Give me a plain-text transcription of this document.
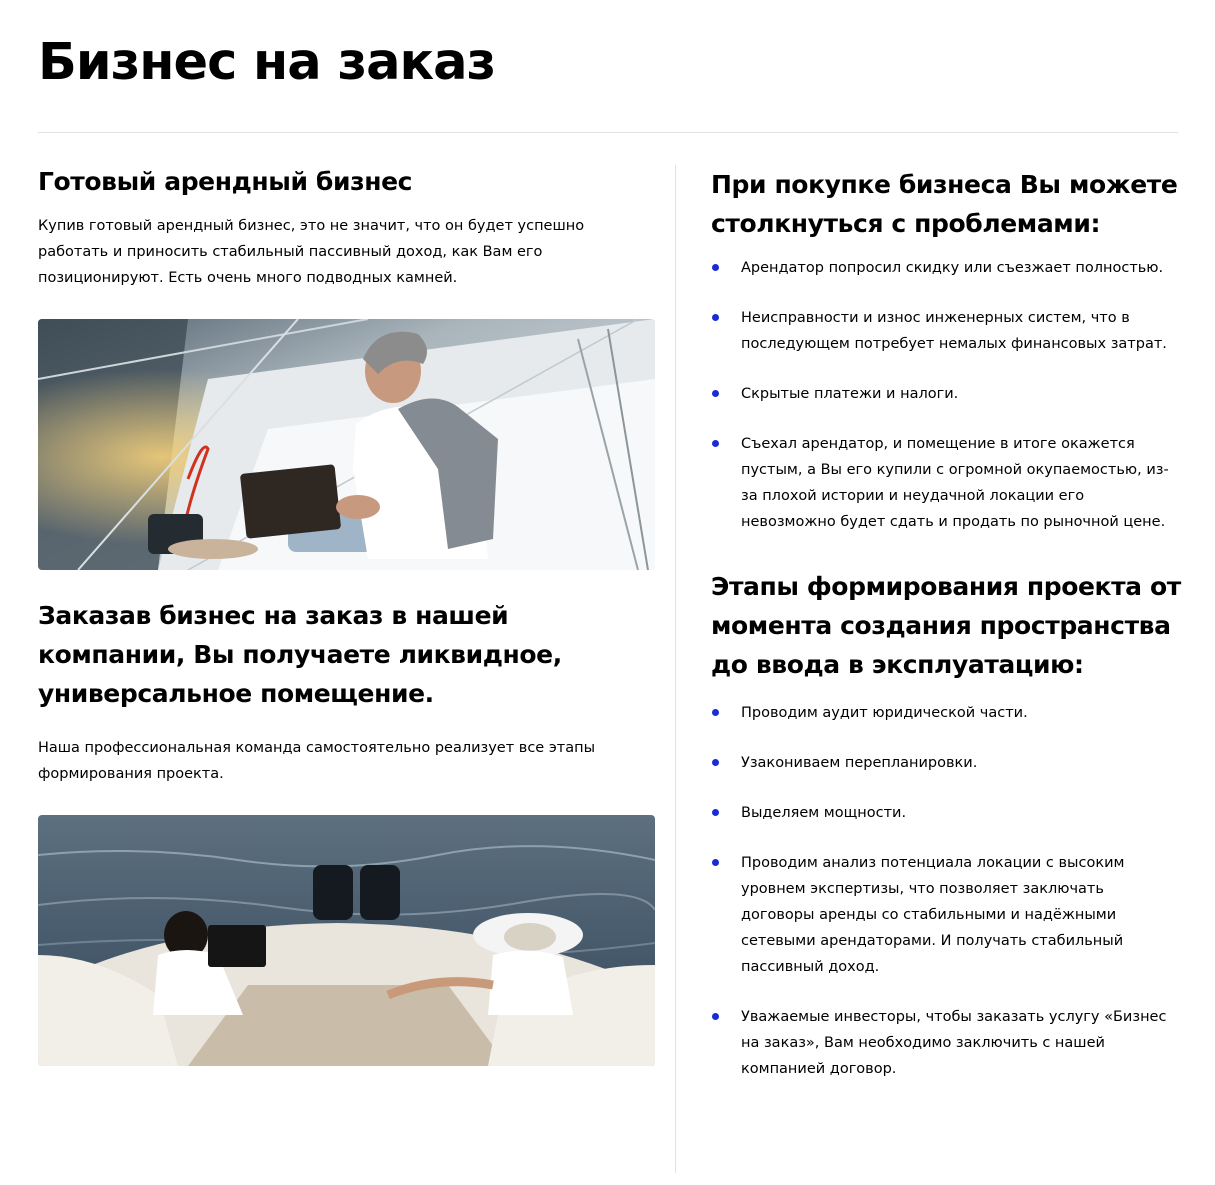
Бизнес на заказ
Готовый арендный бизнес

Купив готовый арендный бизнес, это не значит, что он будет успешно работать и приносить стабильный пассивный доход, как Вам его позиционируют. Есть очень много подводных камней.

Заказав бизнес на заказ в нашей компании, Вы получаете ликвидное, универсальное помещение.

Наша профессиональная команда самостоятельно реализует все этапы формирования проекта.

При покупке бизнеса Вы можете столкнуться с проблемами:
Арендатор попросил скидку или съезжает полностью.
Неисправности и износ инженерных систем, что в последующем потребует немалых финансовых затрат.
Скрытые платежи и налоги.
Съехал арендатор, и помещение в итоге окажется пустым, а Вы его купили с огромной окупаемостью, из-за плохой истории и неудачной локации его невозможно будет сдать и продать по рыночной цене.
Этапы формирования проекта от момента создания пространства до ввода в эксплуатацию:
Проводим аудит юридической части.
Узакониваем перепланировки.
Выделяем мощности.
Проводим анализ потенциала локации с высоким уровнем экспертизы, что позволяет заключать договоры аренды со стабильными и надёжными сетевыми арендаторами. И получать стабильный пассивный доход.
Уважаемые инвесторы, чтобы заказать услугу «Бизнес на заказ», Вам необходимо заключить с нашей компанией договор.
